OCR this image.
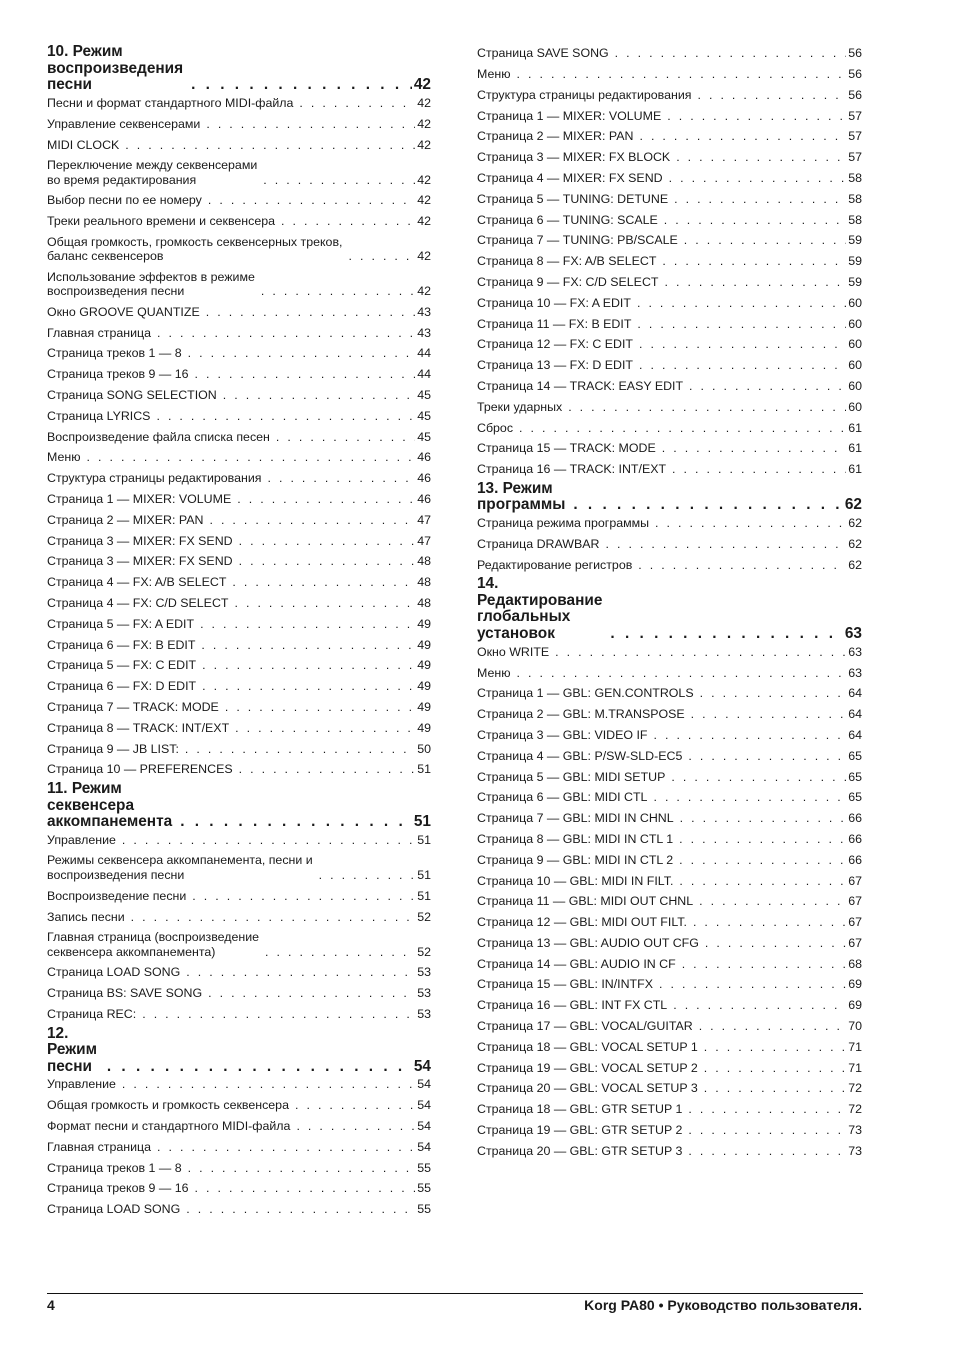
10. Режим воспроизведения песни . . .	42
Песни и формат стандартного MIDI-файла . . .	42
Управление секвенсерами . . .	42
MIDI CLOCK . . .	42
Переключение между секвенсерами
во время редактирования . . .	42
Выбор песни по ее номеру . . .	42
Треки реального времени и секвенсера . . .	42
Общая громкость, громкость секвенсерных треков,
баланс секвенсеров . . .	42
Использование эффектов в режиме
воспроизведения песни . . .	42
Окно GROOVE QUANTIZE . . .	43
Главная страница . . .	43
Страница треков 1 — 8 . . .	44
Страница треков 9 — 16 . . .	44
Страница SONG SELECTION . . .	45
Страница LYRICS . . .	45
Воспроизведение файла списка песен . . .	45
Меню . . .	46
Структура страницы редактирования . . .	46
Страница 1 — MIXER: VOLUME . . .	46
Страница 2 — MIXER: PAN . . .	47
Страница 3 — MIXER: FX SEND . . .	47
Страница 3 — MIXER: FX SEND . . .	48
Страница 4 — FX: A/B SELECT . . .	48
Страница 4 — FX: C/D SELECT . . .	48
Страница 5 — FX: A EDIT . . .	49
Страница 6 — FX: B EDIT . . .	49
Страница 5 — FX: C EDIT . . .	49
Страница 6 — FX: D EDIT . . .	49
Страница 7 — TRACK: MODE . . .	49
Страница 8 — TRACK: INT/EXT . . .	49
Страница 9 — JB LIST: . . .	50
Страница 10 — PREFERENCES . . .	51
11. Режим секвенсера аккомпанемента . . .	51
Управление . . .	51
Режимы секвенсера аккомпанемента, песни и
воспроизведения песни . . .	51
Воспроизведение песни . . .	51
Запись песни . . .	52
Главная страница (воспроизведение
секвенсера аккомпанемента) . . .	52
Страница LOAD SONG . . .	53
Страница BS: SAVE SONG . . .	53
Страница REC: . . .	53
12. Режим песни . . .	54
Управление . . .	54
Общая громкость и громкость секвенсера . . .	54
Формат песни и стандартного MIDI-файла . . .	54
Главная страница . . .	54
Страница треков 1 — 8 . . .	55
Страница треков 9 — 16 . . .	55
Страница LOAD SONG . . .	55
Страница SAVE SONG . . .	56
Меню . . .	56
Структура страницы редактирования . . .	56
Страница 1 — MIXER: VOLUME . . .	57
Страница 2 — MIXER: PAN . . .	57
Страница 3 — MIXER: FX BLOCK . . .	57
Страница 4 — MIXER: FX SEND . . .	58
Страница 5 — TUNING: DETUNE . . .	58
Страница 6 — TUNING: SCALE . . .	58
Страница 7 — TUNING: PB/SCALE . . .	59
Страница 8 — FX: A/B SELECT . . .	59
Страница 9 — FX: C/D SELECT . . .	59
Страница 10 — FX: A EDIT . . .	60
Страница 11 — FX: B EDIT . . .	60
Страница 12 — FX: C EDIT . . .	60
Страница 13 — FX: D EDIT . . .	60
Страница 14 — TRACK: EASY EDIT . . .	60
Треки ударных . . .	60
Сброс . . .	61
Страница 15 — TRACK: MODE . . .	61
Страница 16 — TRACK: INT/EXT . . .	61
13. Режим программы . . .	62
Страница режима программы . . .	62
Страница DRAWBAR . . .	62
Редактирование регистров . . .	62
14. Редактирование глобальных
установок . . .	63
Окно WRITE . . .	63
Меню . . .	63
Страница 1 — GBL: GEN.CONTROLS . . .	64
Страница 2 — GBL: M.TRANSPOSE . . .	64
Страница 3 — GBL: VIDEO IF . . .	64
Страница 4 — GBL: P/SW-SLD-EC5 . . .	65
Страница 5 — GBL: MIDI SETUP . . .	65
Страница 6 — GBL: MIDI CTL . . .	65
Страница 7 — GBL: MIDI IN CHNL . . .	66
Страница 8 — GBL: MIDI IN CTL 1 . . .	66
Страница 9 — GBL: MIDI IN CTL 2 . . .	66
Страница 10 — GBL: MIDI IN FILT. . . .	67
Страница 11 — GBL: MIDI OUT CHNL . . .	67
Страница 12 — GBL: MIDI OUT FILT. . . .	67
Страница 13 — GBL: AUDIO OUT CFG . . .	67
Страница 14 — GBL: AUDIO IN CF . . .	68
Страница 15 — GBL: IN/INTFX . . .	69
Страница 16 — GBL: INT FX CTL . . .	69
Страница 17 — GBL: VOCAL/GUITAR . . .	70
Страница 18 — GBL: VOCAL SETUP 1 . . .	71
Страница 19 — GBL: VOCAL SETUP 2 . . .	71
Страница 20 — GBL: VOCAL SETUP 3 . . .	72
Страница 18 — GBL: GTR SETUP 1 . . .	72
Страница 19 — GBL: GTR SETUP 2 . . .	73
Страница 20 — GBL: GTR SETUP 3 . . .	73
4	Korg PA80 • Руководство пользователя.
